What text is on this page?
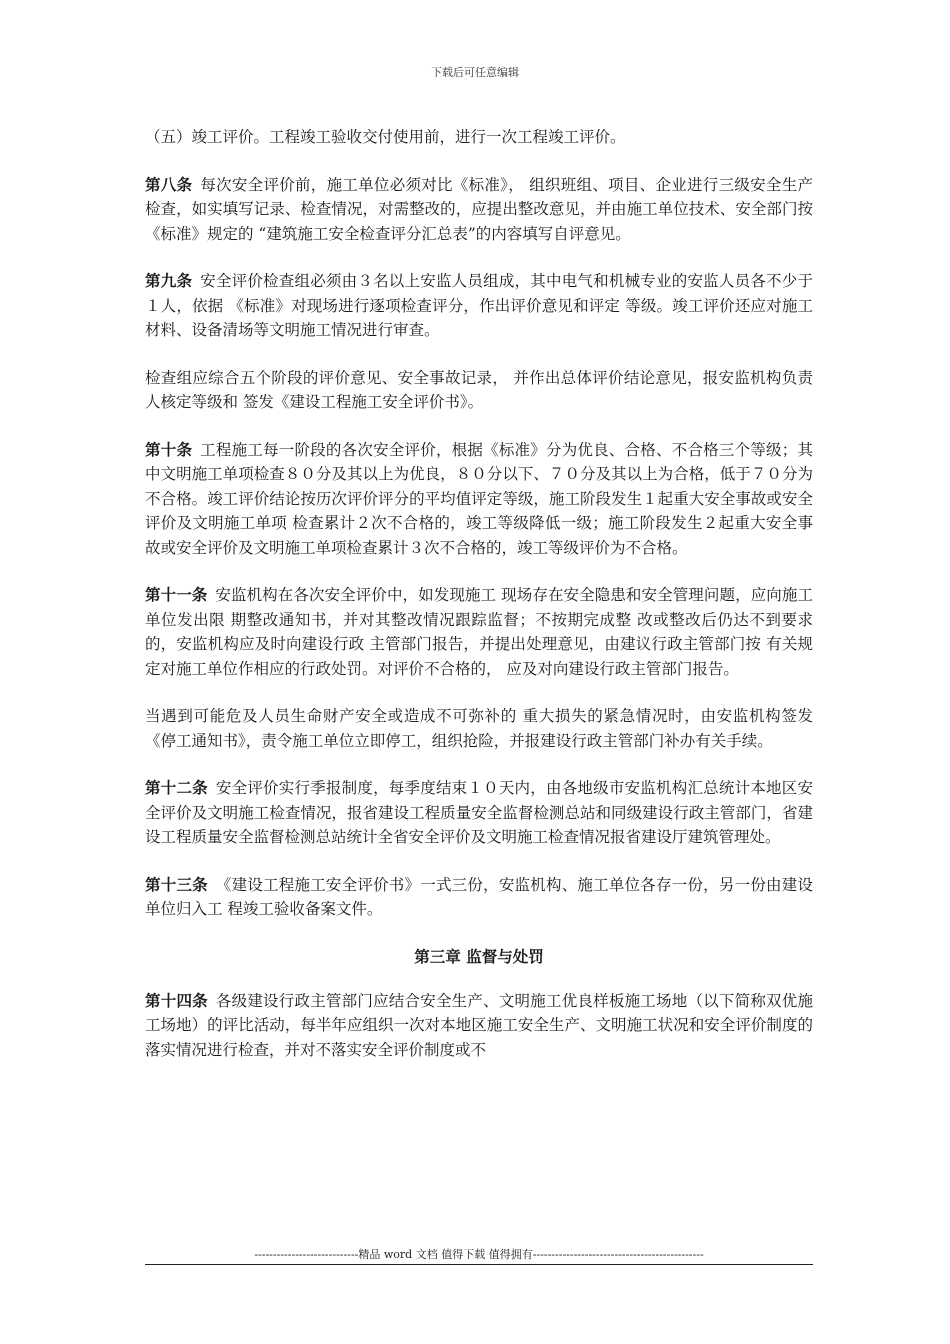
下载后可任意编辑

（五）竣工评价。工程竣工验收交付使用前，进行一次工程竣工评价。

第八条 每次安全评价前，施工单位必须对比《标准》， 组织班组、项目、企业进行三级安全生产检查，如实填写记录、检查情况，对需整改的，应提出整改意见，并由施工单位技术、安全部门按《标准》规定的 “建筑施工安全检查评分汇总表”的内容填写自评意见。

第九条 安全评价检查组必须由３名以上安监人员组成，其中电气和机械专业的安监人员各不少于１人，依据 《标准》对现场进行逐项检查评分，作出评价意见和评定 等级。竣工评价还应对施工材料、设备清场等文明施工情况进行审查。

检查组应综合五个阶段的评价意见、安全事故记录， 并作出总体评价结论意见，报安监机构负责人核定等级和 签发《建设工程施工安全评价书》。

第十条 工程施工每一阶段的各次安全评价，根据《标准》分为优良、合格、不合格三个等级；其中文明施工单项检查８０分及其以上为优良，８０分以下、７０分及其以上为合格，低于７０分为不合格。竣工评价结论按历次评价评分的平均值评定等级，施工阶段发生１起重大安全事故或安全评价及文明施工单项 检查累计２次不合格的，竣工等级降低一级；施工阶段发生２起重大安全事故或安全评价及文明施工单项检查累计３次不合格的，竣工等级评价为不合格。

第十一条 安监机构在各次安全评价中，如发现施工 现场存在安全隐患和安全管理问题，应向施工单位发出限 期整改通知书，并对其整改情况跟踪监督；不按期完成整 改或整改后仍达不到要求的，安监机构应及时向建设行政 主管部门报告，并提出处理意见，由建议行政主管部门按 有关规定对施工单位作相应的行政处罚。对评价不合格的， 应及对向建设行政主管部门报告。

当遇到可能危及人员生命财产安全或造成不可弥补的 重大损失的紧急情况时，由安监机构签发《停工通知书》，责令施工单位立即停工，组织抢险，并报建设行政主管部门补办有关手续。

第十二条 安全评价实行季报制度，每季度结束１０天内，由各地级市安监机构汇总统计本地区安全评价及文明施工检查情况，报省建设工程质量安全监督检测总站和同级建设行政主管部门，省建设工程质量安全监督检测总站统计全省安全评价及文明施工检查情况报省建设厅建筑管理处。

第十三条 《建设工程施工安全评价书》一式三份，安监机构、施工单位各存一份，另一份由建设单位归入工 程竣工验收备案文件。

第三章 监督与处罚

第十四条 各级建设行政主管部门应结合安全生产、文明施工优良样板施工场地（以下简称双优施工场地）的评比活动，每半年应组织一次对本地区施工安全生产、文明施工状况和安全评价制度的落实情况进行检查，并对不落实安全评价制度或不

----------------------------精品 word 文档 值得下载 值得拥有----------------------------------------------
